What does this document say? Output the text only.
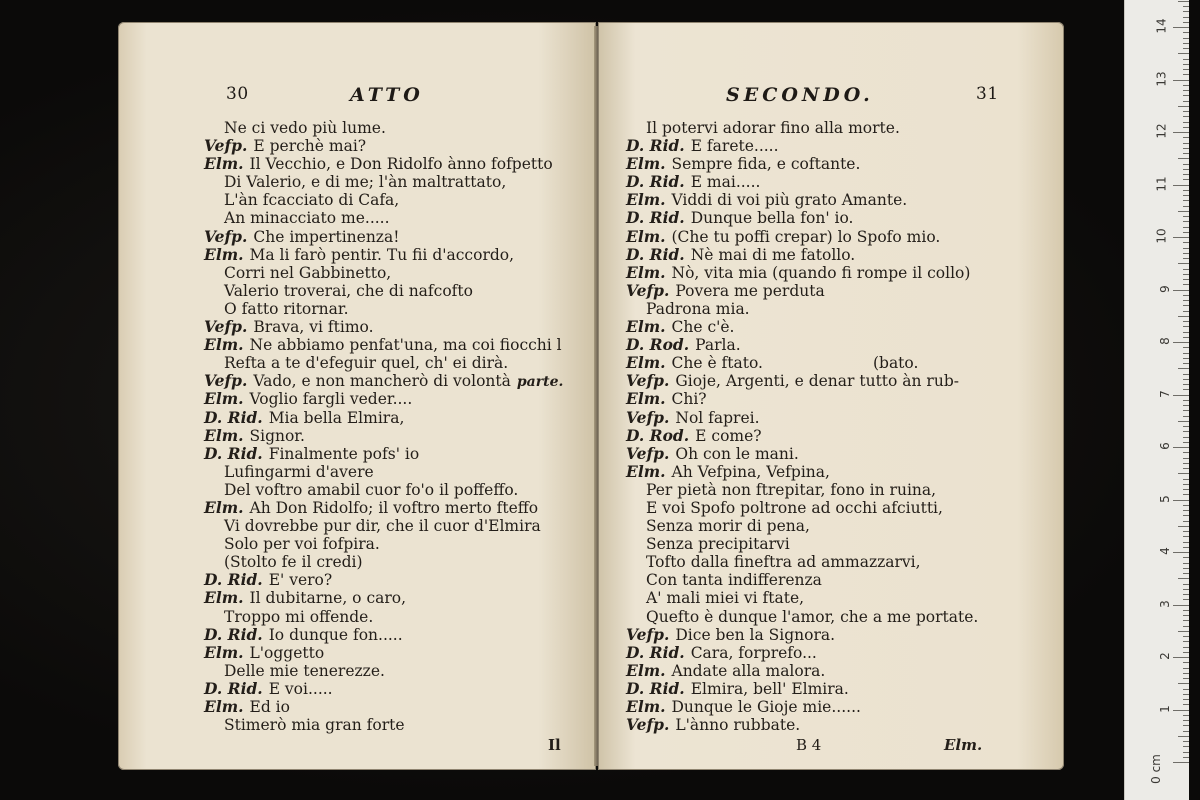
30	ATTO
Ne ci vedo più lume.
Vefp. E perchè mai?
Elm. Il Vecchio, e Don Ridolfo ànno fofpetto
Di Valerio, e di me; l'àn maltrattato,
L'àn fcacciato di Cafa,
An minacciato me.....
Vefp. Che impertinenza!
Elm. Ma li farò pentir. Tu fii d'accordo,
Corri nel Gabbinetto,
Valerio troverai, che di nafcofto
O fatto ritornar.
Vefp. Brava, vi ftimo.
Elm. Ne abbiamo penfat'una, ma coi fiocchi l
Refta a te d'efeguir quel, ch' ei dirà.
Vefp. Vado, e non mancherò di volontà parte.
Elm. Voglio fargli veder....
D. Rid. Mia bella Elmira,
Elm. Signor.
D. Rid. Finalmente pofs' io
Lufingarmi d'avere
Del voftro amabil cuor fo'o il poffeffo.
Elm. Ah Don Ridolfo; il voftro merto fteffo
Vi dovrebbe pur dir, che il cuor d'Elmira
Solo per voi fofpira.
(Stolto fe il credi)
D. Rid. E' vero?
Elm. Il dubitarne, o caro,
Troppo mi offende.
D. Rid. Io dunque fon.....
Elm. L'oggetto
Delle mie tenerezze.
D. Rid. E voi.....
Elm. Ed io
Stimerò mia gran forte
Il
SECONDO.	31
Il potervi adorar fino alla morte.
D. Rid. E farete.....
Elm. Sempre fida, e coftante.
D. Rid. E mai.....
Elm. Viddi di voi più grato Amante.
D. Rid. Dunque bella fon' io.
Elm. (Che tu poffi crepar) lo Spofo mio.
D. Rid. Nè mai di me fatollo.
Elm. Nò, vita mia (quando fi rompe il collo)
Vefp. Povera me perduta
Padrona mia.
Elm. Che c'è.
D. Rod. Parla.
Elm. Che è ftato.	(bato.
Vefp. Gioje, Argenti, e denar tutto àn rub-
Elm. Chi?
Vefp. Nol faprei.
D. Rod. E come?
Vefp. Oh con le mani.
Elm. Ah Vefpina, Vefpina,
Per pietà non ftrepitar, fono in ruina,
E voi Spofo poltrone ad occhi afciutti,
Senza morir di pena,
Senza precipitarvi
Tofto dalla fineftra ad ammazzarvi,
Con tanta indifferenza
A' mali miei vi ftate,
Quefto è dunque l'amor, che a me portate.
Vefp. Dice ben la Signora.
D. Rid. Cara, forprefo...
Elm. Andate alla malora.
D. Rid. Elmira, bell' Elmira.
Elm. Dunque le Gioje mie......
Vefp. L'ànno rubbate.
B 4	Elm.
0 cm
1
2
3
4
5
6
7
8
9
10
11
12
13
14
